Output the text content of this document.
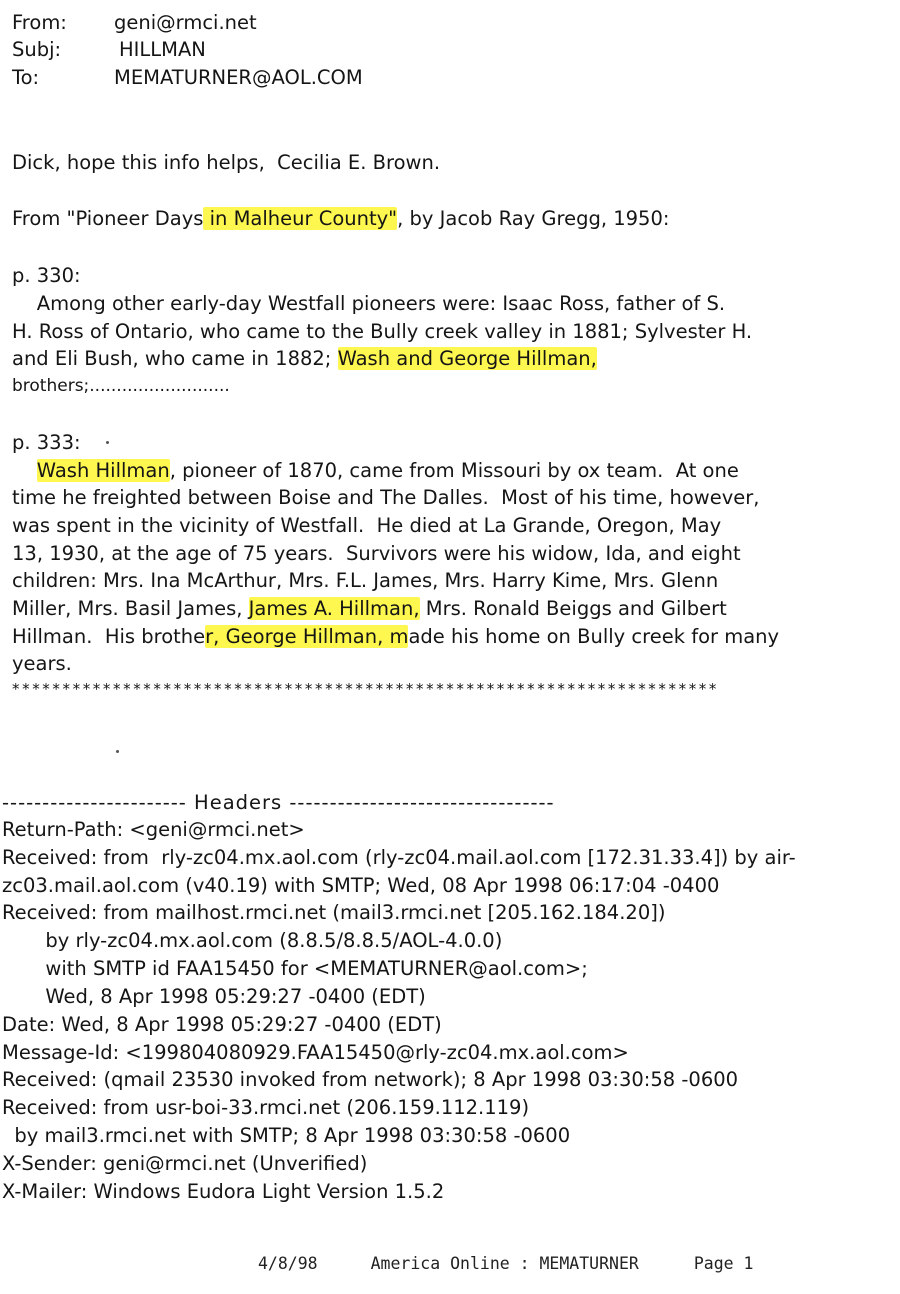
From: geni@rmci.net
Subj:	HILLMAN
To:	MEMATURNER@AOL.COM
Dick, hope this info helps,  Cecilia E. Brown.
From "Pioneer Days in Malheur County", by Jacob Ray Gregg, 1950:
p. 330:
Among other early-day Westfall pioneers were: Isaac Ross, father of S.
H. Ross of Ontario, who came to the Bully creek valley in 1881; Sylvester H.
and Eli Bush, who came in 1882; Wash and George Hillman,
brothers;..........................
p. 333:
Wash Hillman, pioneer of 1870, came from Missouri by ox team.  At one
time he freighted between Boise and The Dalles.  Most of his time, however,
was spent in the vicinity of Westfall.  He died at La Grande, Oregon, May
13, 1930, at the age of 75 years.  Survivors were his widow, Ida, and eight
children: Mrs. Ina McArthur, Mrs. F.L. James, Mrs. Harry Kime, Mrs. Glenn
Miller, Mrs. Basil James, James A. Hillman, Mrs. Ronald Beiggs and Gilbert
Hillman.  His brother, George Hillman, made his home on Bully creek for many
years.
**********************************************************************
----------------------- Headers ---------------------------------
Return-Path: <geni@rmci.net>
Received: from  rly-zc04.mx.aol.com (rly-zc04.mail.aol.com [172.31.33.4]) by air-
zc03.mail.aol.com (v40.19) with SMTP; Wed, 08 Apr 1998 06:17:04 -0400
Received: from mailhost.rmci.net (mail3.rmci.net [205.162.184.20])
by rly-zc04.mx.aol.com (8.8.5/8.8.5/AOL-4.0.0)
with SMTP id FAA15450 for <MEMATURNER@aol.com>;
Wed, 8 Apr 1998 05:29:27 -0400 (EDT)
Date: Wed, 8 Apr 1998 05:29:27 -0400 (EDT)
Message-Id: <199804080929.FAA15450@rly-zc04.mx.aol.com>
Received: (qmail 23530 invoked from network); 8 Apr 1998 03:30:58 -0600
Received: from usr-boi-33.rmci.net (206.159.112.119)
by mail3.rmci.net with SMTP; 8 Apr 1998 03:30:58 -0600
X-Sender: geni@rmci.net (Unverified)
X-Mailer: Windows Eudora Light Version 1.5.2
4/8/98	America Online : MEMATURNER	Page 1
